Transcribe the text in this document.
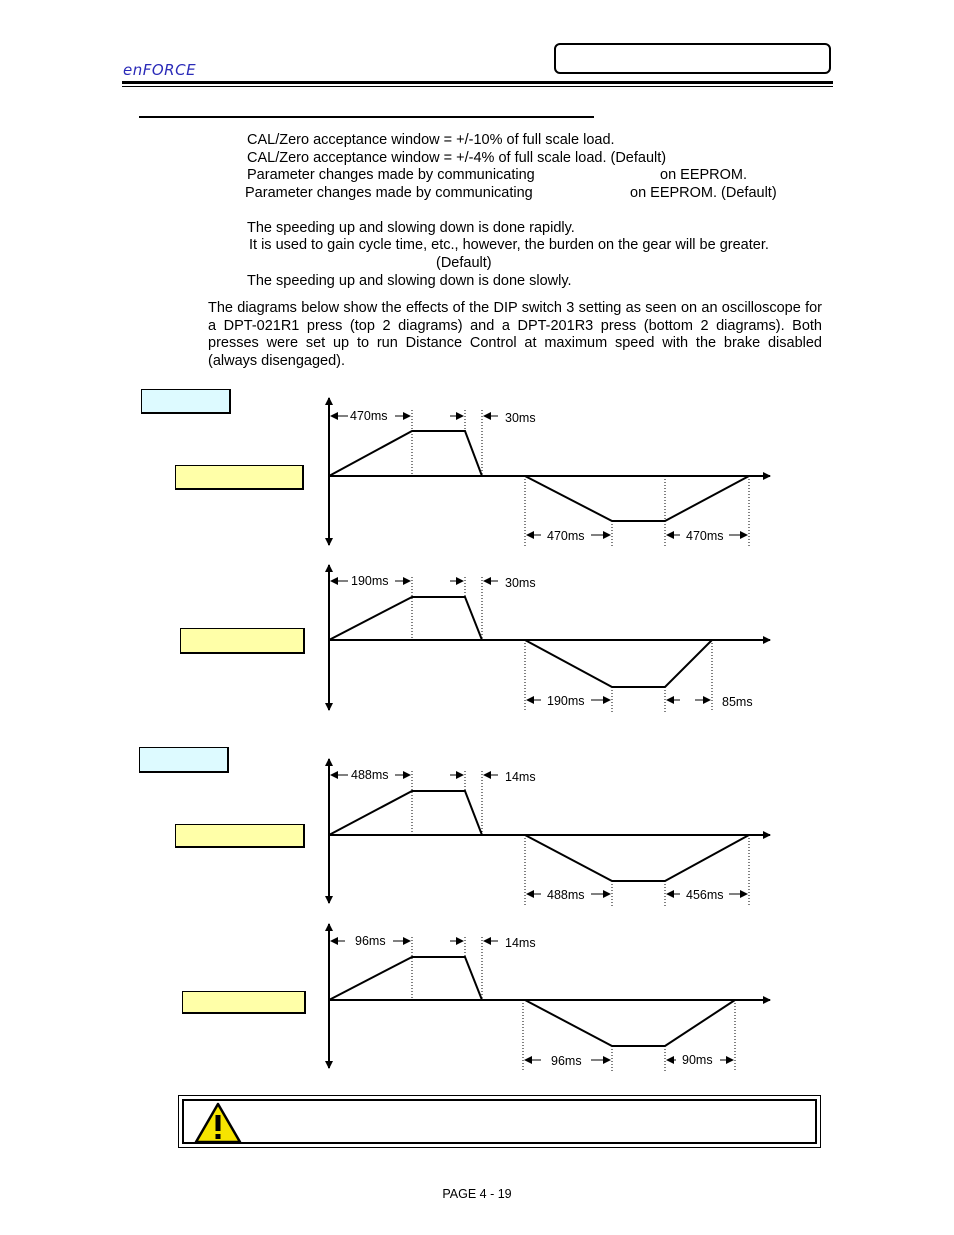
enFORCE
CAL/Zero acceptance window = +/-10% of full scale load.
CAL/Zero acceptance window = +/-4% of full scale load. (Default)
Parameter changes made by communicating	on EEPROM.
Parameter changes made by communicating	on EEPROM. (Default)
The speeding up and slowing down is done rapidly.
It is used to gain cycle time, etc., however, the burden on the gear will be greater.
(Default)
The speeding up and slowing down is done slowly.
The diagrams below show the effects of the DIP switch 3 setting as seen on an oscilloscope for a DPT-021R1 press (top 2 diagrams) and a DPT-201R3 press (bottom 2 diagrams). Both presses were set up to run Distance Control at maximum speed with the brake disabled (always disengaged).
470ms	30ms
470ms	470ms
190ms	30ms
190ms	85ms
488ms	14ms
488ms	456ms
96ms	14ms
96ms	90ms
PAGE 4 - 19
